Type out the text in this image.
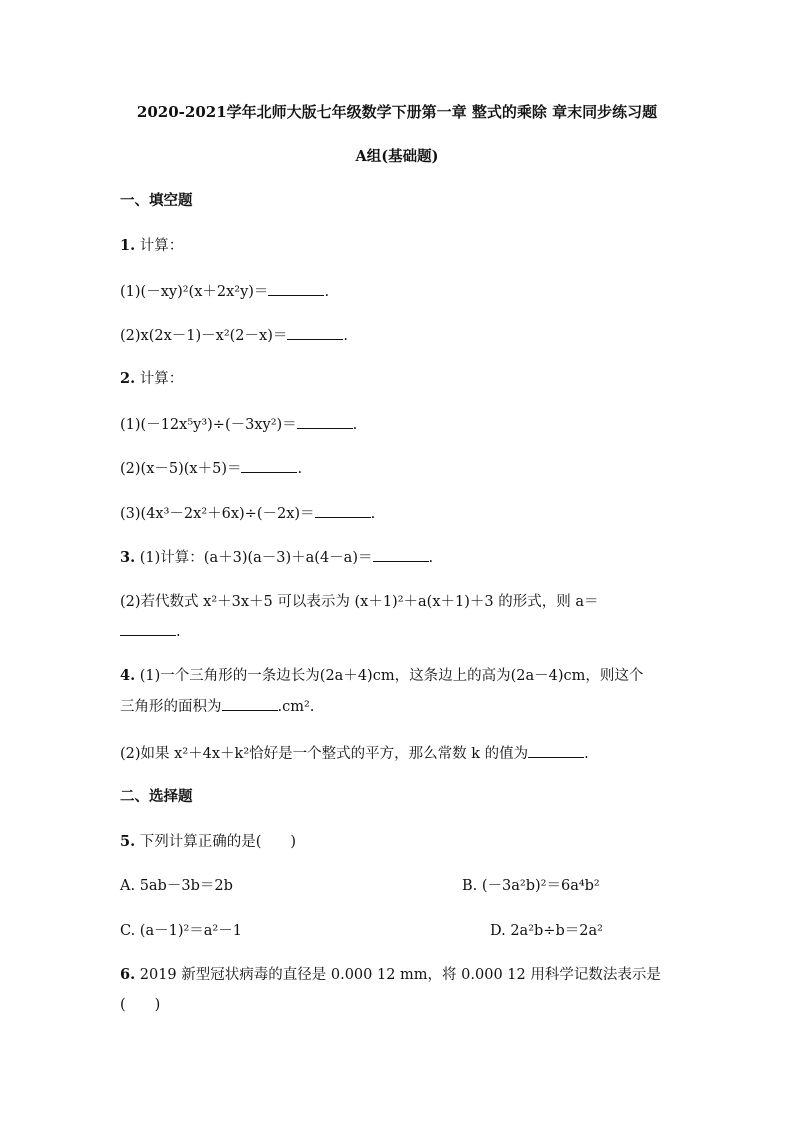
2020-2021学年北师大版七年级数学下册第一章 整式的乘除 章末同步练习题
A组(基础题)
一、填空题
1. 计算：
(1)(－xy)²(x＋2x²y)＝	.
(2)x(2x－1)－x²(2－x)＝	.
2. 计算：
(1)(－12x⁵y³)÷(－3xy²)＝	.
(2)(x－5)(x＋5)＝	.
(3)(4x³－2x²＋6x)÷(－2x)＝	.
3. (1)计算：(a＋3)(a－3)＋a(4－a)＝	.
(2)若代数式 x²＋3x＋5 可以表示为 (x＋1)²＋a(x＋1)＋3 的形式，则 a＝
.
4. (1)一个三角形的一条边长为(2a＋4)cm，这条边上的高为(2a－4)cm，则这个
三角形的面积为	.cm².
(2)如果 x²＋4x＋k²恰好是一个整式的平方，那么常数 k 的值为	.
二、选择题
5. 下列计算正确的是(　　)
A. 5ab－3b＝2b	B. (－3a²b)²＝6a⁴b²
C. (a－1)²＝a²－1	D. 2a²b÷b＝2a²
6. 2019 新型冠状病毒的直径是 0.000 12 mm，将 0.000 12 用科学记数法表示是
(　　)
